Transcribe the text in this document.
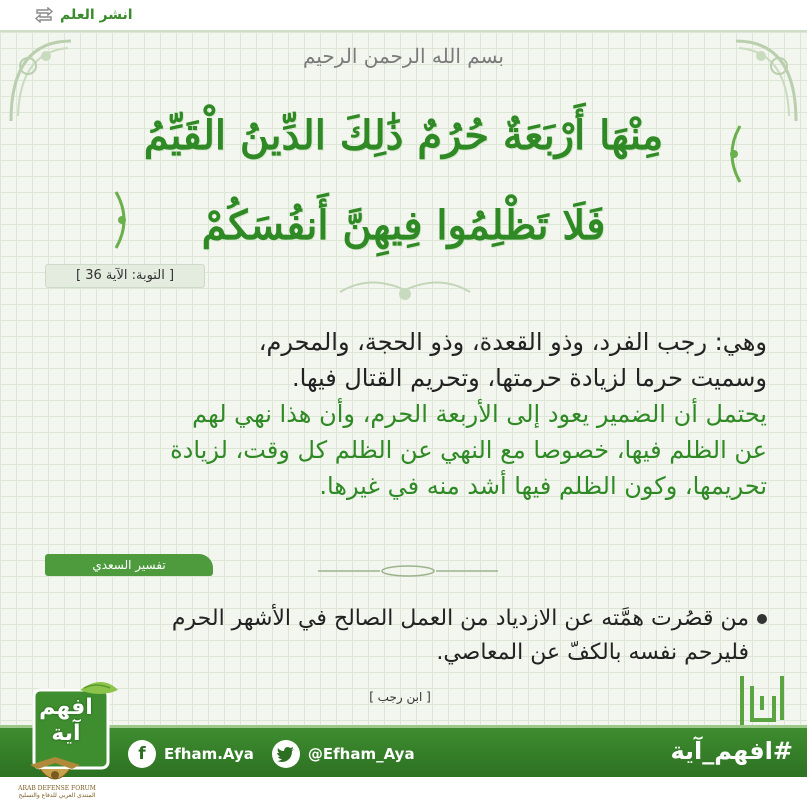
انشر العلم
بسم الله الرحمن الرحيم
مِنْهَا أَرْبَعَةٌ حُرُمٌ ذَٰلِكَ الدِّينُ الْقَيِّمُ
فَلَا تَظْلِمُوا فِيهِنَّ أَنفُسَكُمْ
[ التوبة: الآية 36 ]
وهي: رجب الفرد، وذو القعدة، وذو الحجة، والمحرم،
وسميت حرما لزيادة حرمتها، وتحريم القتال فيها.
يحتمل أن الضمير يعود إلى الأربعة الحرم، وأن هذا نهي لهم
عن الظلم فيها، خصوصا مع النهي عن الظلم كل وقت، لزيادة
تحريمها، وكون الظلم فيها أشد منه في غيرها.
تفسير السعدي
من قصُرت همَّته عن الازدياد من العمل الصالح في الأشهر الحرم
فليرحم نفسه بالكفّ عن المعاصي.
[ ابن رجب ]
f	Efham.Aya	@Efham_Aya	#افهم_آية
افهم
آية
ARAB DEFENSE FORUM
المنتدى العربي للدفاع والتسليح
